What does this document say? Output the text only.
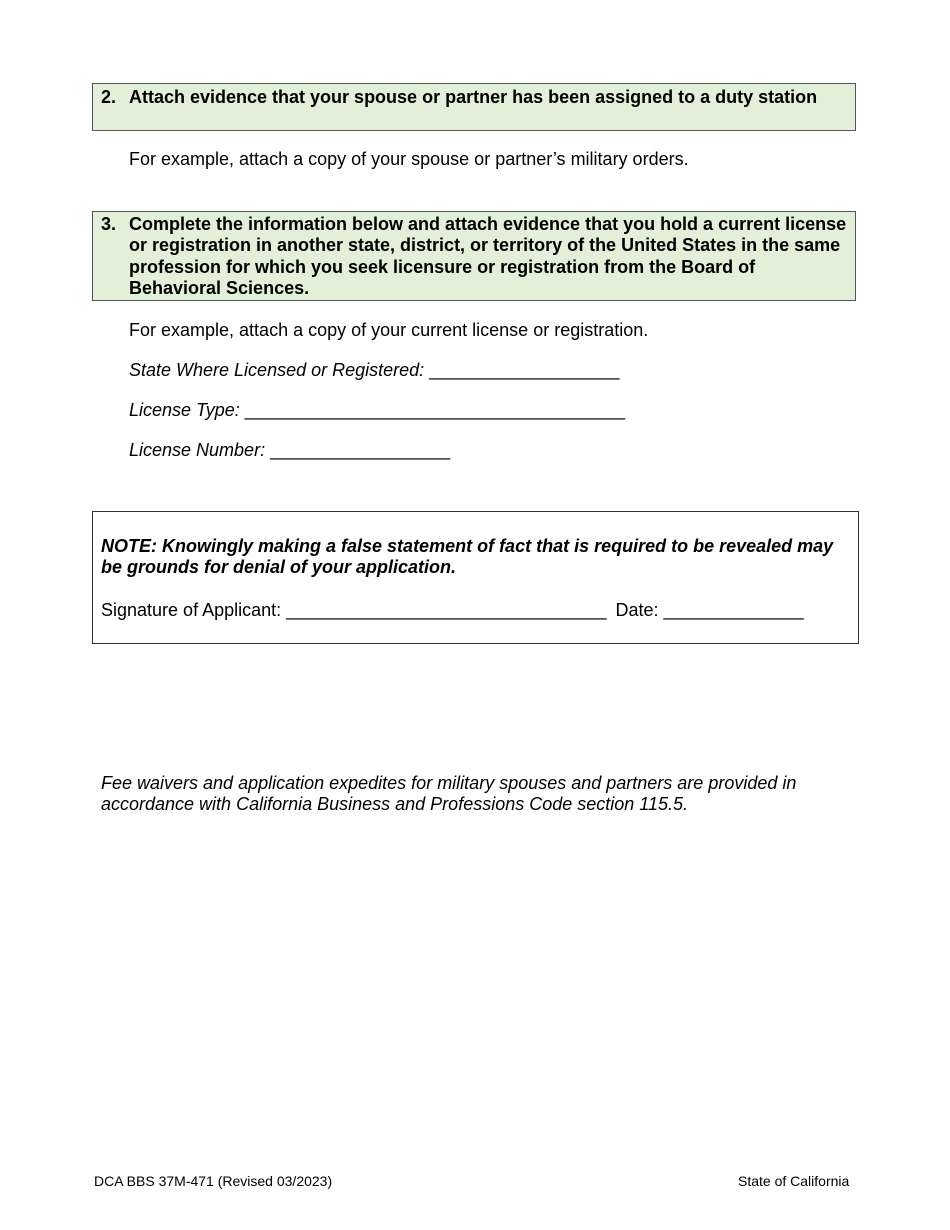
2. Attach evidence that your spouse or partner has been assigned to a duty station
For example, attach a copy of your spouse or partner’s military orders.
3. Complete the information below and attach evidence that you hold a current license or registration in another state, district, or territory of the United States in the same profession for which you seek licensure or registration from the Board of Behavioral Sciences.
For example, attach a copy of your current license or registration.
State Where Licensed or Registered: ___________________
License Type: ______________________________________
License Number: __________________
NOTE: Knowingly making a false statement of fact that is required to be revealed may be grounds for denial of your application.
Signature of Applicant: ________________________________ Date: ______________
Fee waivers and application expedites for military spouses and partners are provided in accordance with California Business and Professions Code section 115.5.
DCA BBS 37M-471 (Revised 03/2023)	State of California
